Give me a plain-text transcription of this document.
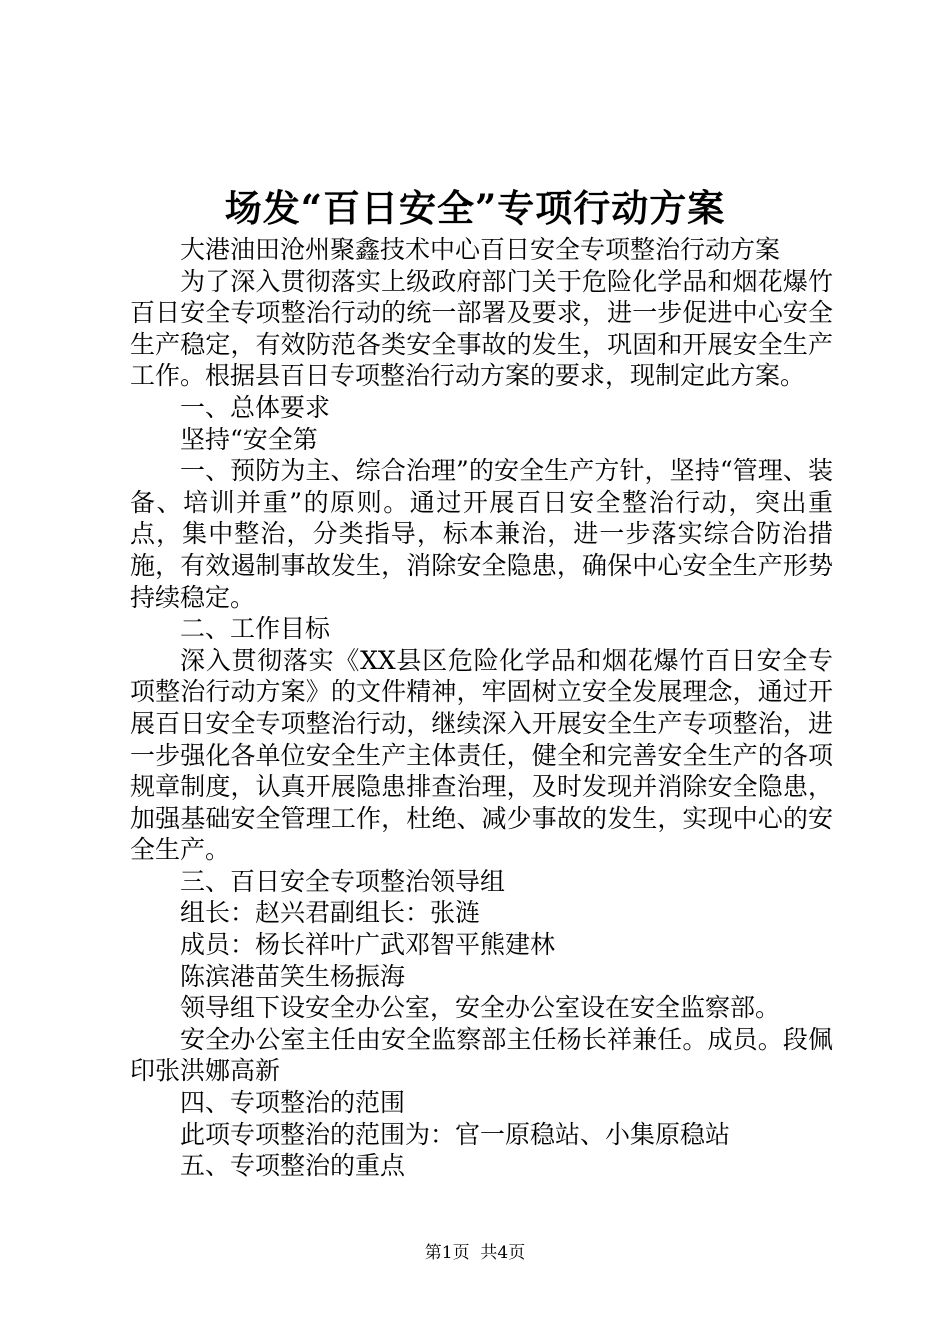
场发“百日安全”专项行动方案

大港油田沧州聚鑫技术中心百日安全专项整治行动方案

为了深入贯彻落实上级政府部门关于危险化学品和烟花爆竹百日安全专项整治行动的统一部署及要求，进一步促进中心安全生产稳定，有效防范各类安全事故的发生，巩固和开展安全生产工作。根据县百日专项整治行动方案的要求，现制定此方案。

一、总体要求

坚持“安全第

一、预防为主、综合治理”的安全生产方针，坚持“管理、装备、培训并重”的原则。通过开展百日安全整治行动，突出重点，集中整治，分类指导，标本兼治，进一步落实综合防治措施，有效遏制事故发生，消除安全隐患，确保中心安全生产形势持续稳定。

二、工作目标

深入贯彻落实《XX县区危险化学品和烟花爆竹百日安全专项整治行动方案》的文件精神，牢固树立安全发展理念，通过开展百日安全专项整治行动，继续深入开展安全生产专项整治，进一步强化各单位安全生产主体责任，健全和完善安全生产的各项规章制度，认真开展隐患排查治理，及时发现并消除安全隐患，加强基础安全管理工作，杜绝、减少事故的发生，实现中心的安全生产。

三、百日安全专项整治领导组

组长：赵兴君副组长：张涟

成员：杨长祥叶广武邓智平熊建林

陈滨港苗笑生杨振海

领导组下设安全办公室，安全办公室设在安全监察部。

安全办公室主任由安全监察部主任杨长祥兼任。成员。段佩印张洪娜高新

四、专项整治的范围

此项专项整治的范围为：官一原稳站、小集原稳站

五、专项整治的重点

第1页  共4页
